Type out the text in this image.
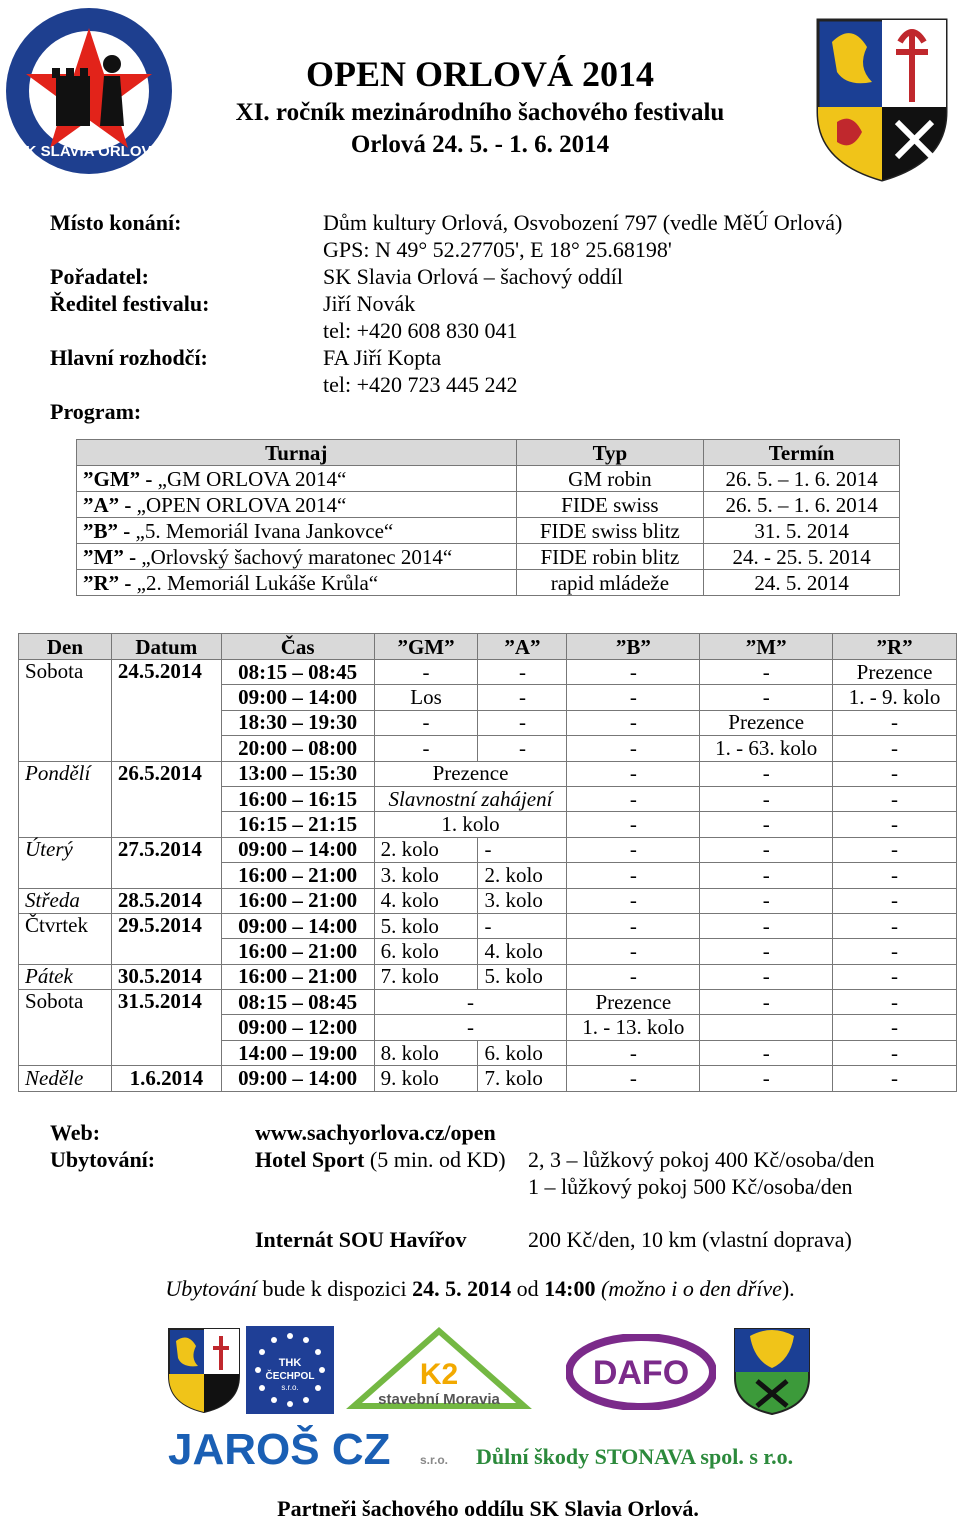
SK SLAVIA ORLOVÁ
OPEN ORLOVÁ 2014
XI. ročník mezinárodního šachového festivalu
Orlová 24. 5. - 1. 6. 2014
Místo konání:	Dům kultury Orlová, Osvobození 797 (vedle MěÚ Orlová)
GPS: N 49° 52.27705', E 18° 25.68198'
Pořadatel:	SK Slavia Orlová – šachový oddíl
Ředitel festivalu:	Jiří Novák
tel: +420 608 830 041
Hlavní rozhodčí:	FA Jiří Kopta
tel: +420 723 445 242
Program:
Turnaj	Typ	Termín
”GM” - „GM ORLOVA 2014“	GM robin	26. 5. – 1. 6. 2014
”A” - „OPEN ORLOVA 2014“	FIDE swiss	26. 5. – 1. 6. 2014
”B” - „5. Memoriál Ivana Jankovce“	FIDE swiss blitz	31. 5. 2014
”M” - „Orlovský šachový maratonec 2014“	FIDE robin blitz	24. - 25. 5. 2014
”R” - „2. Memoriál Lukáše Krůla“	rapid mládeže	24. 5. 2014
Den	Datum	Čas	”GM”	”A”	”B”	”M”	”R”
Sobota	24.5.2014	08:15 – 08:45	-	-	-	-	Prezence
		09:00 – 14:00	Los	-	-	-	1. - 9. kolo
		18:30 – 19:30	-	-	-	Prezence	-
		20:00 – 08:00	-	-	-	1. - 63. kolo	-
Pondělí	26.5.2014	13:00 – 15:30	Prezence		-	-	-
		16:00 – 16:15	Slavnostní zahájení		-	-	-
		16:15 – 21:15	1. kolo		-	-	-
Úterý	27.5.2014	09:00 – 14:00	2. kolo	-	-	-	-
		16:00 – 21:00	3. kolo	2. kolo	-	-	-
Středa	28.5.2014	16:00 – 21:00	4. kolo	3. kolo	-	-	-
Čtvrtek	29.5.2014	09:00 – 14:00	5. kolo	-	-	-	-
		16:00 – 21:00	6. kolo	4. kolo	-	-	-
Pátek	30.5.2014	16:00 – 21:00	7. kolo	5. kolo	-	-	-
Sobota	31.5.2014	08:15 – 08:45	-		Prezence	-	-
		09:00 – 12:00	-		1. - 13. kolo		-
		14:00 – 19:00	8. kolo	6. kolo	-	-	-
Neděle	1.6.2014	09:00 – 14:00	9. kolo	7. kolo	-	-	-
Web:	www.sachyorlova.cz/open
Ubytování:	Hotel Sport (5 min. od KD) 2, 3 – lůžkový pokoj 400 Kč/osoba/den
1 – lůžkový pokoj 500 Kč/osoba/den
Internát SOU Havířov	200 Kč/den, 10 km (vlastní doprava)
Ubytování bude k dispozici 24. 5. 2014 od 14:00 (možno i o den dříve).
THK
ČECHPOL
s.r.o.	K2
stavební Moravia
DAFO
JAROŠ CZ s.r.o. Důlní škody STONAVA spol. s r.o.
Partneři šachového oddílu SK Slavia Orlová.
